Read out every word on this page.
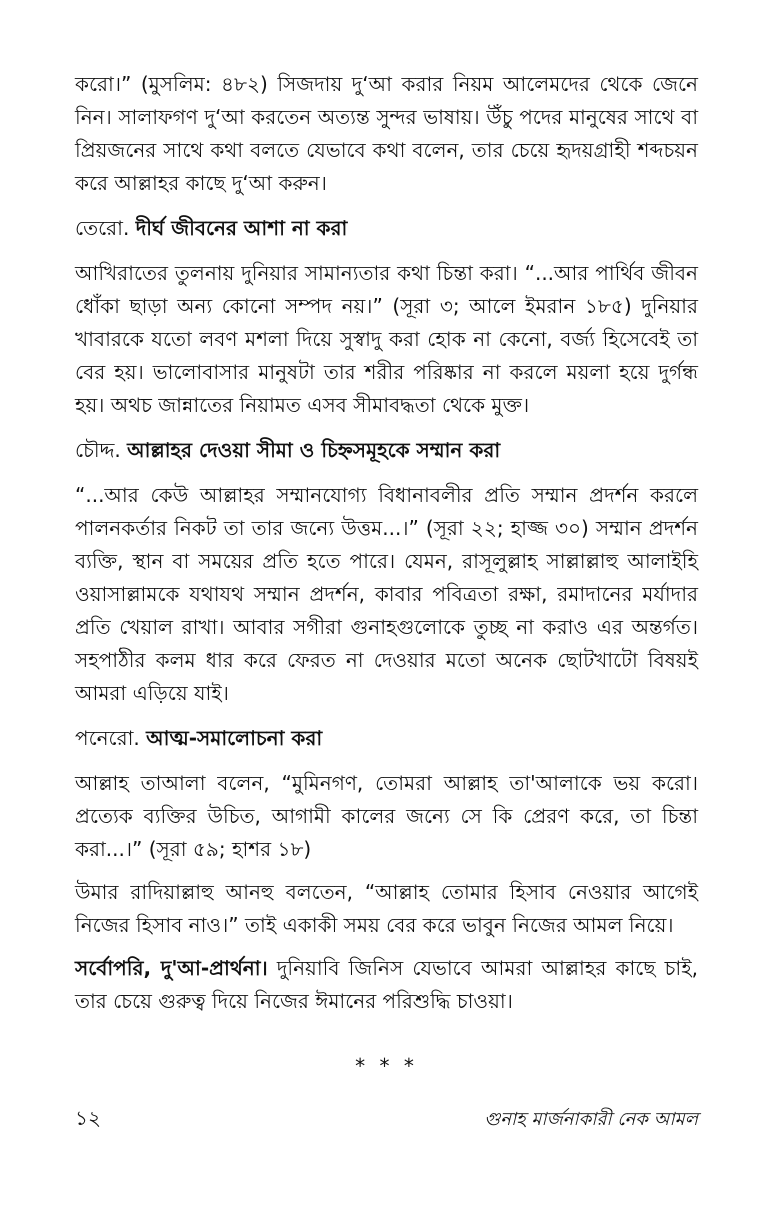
করো।” (মুসলিম: ৪৮২) সিজদায় দু‘আ করার নিয়ম আলেমদের থেকে জেনে নিন। সালাফগণ দু‘আ করতেন অত্যন্ত সুন্দর ভাষায়। উঁচু পদের মানুষের সাথে বা প্রিয়জনের সাথে কথা বলতে যেভাবে কথা বলেন, তার চেয়ে হৃদয়গ্রাহী শব্দচয়ন করে আল্লাহর কাছে দু‘আ করুন।

তেরো. দীর্ঘ জীবনের আশা না করা

আখিরাতের তুলনায় দুনিয়ার সামান্যতার কথা চিন্তা করা। “...আর পার্থিব জীবন ধোঁকা ছাড়া অন্য কোনো সম্পদ নয়।” (সূরা ৩; আলে ইমরান ১৮৫) দুনিয়ার খাবারকে যতো লবণ মশলা দিয়ে সুস্বাদু করা হোক না কেনো, বর্জ্য হিসেবেই তা বের হয়। ভালোবাসার মানুষটা তার শরীর পরিষ্কার না করলে ময়লা হয়ে দুর্গন্ধ হয়। অথচ জান্নাতের নিয়ামত এসব সীমাবদ্ধতা থেকে মুক্ত।

চৌদ্দ. আল্লাহর দেওয়া সীমা ও চিহ্নসমূহকে সম্মান করা

“...আর কেউ আল্লাহর সম্মানযোগ্য বিধানাবলীর প্রতি সম্মান প্রদর্শন করলে পালনকর্তার নিকট তা তার জন্যে উত্তম...।” (সূরা ২২; হাজ্জ ৩০) সম্মান প্রদর্শন ব্যক্তি, স্থান বা সময়ের প্রতি হতে পারে। যেমন, রাসূলুল্লাহ সাল্লাল্লাহু আলাইহি ওয়াসাল্লামকে যথাযথ সম্মান প্রদর্শন, কাবার পবিত্রতা রক্ষা, রমাদানের মর্যাদার প্রতি খেয়াল রাখা। আবার সগীরা গুনাহগুলোকে তুচ্ছ না করাও এর অন্তর্গত। সহপাঠীর কলম ধার করে ফেরত না দেওয়ার মতো অনেক ছোটখাটো বিষয়ই আমরা এড়িয়ে যাই।

পনেরো. আত্ম-সমালোচনা করা

আল্লাহ তাআলা বলেন, “মুমিনগণ, তোমরা আল্লাহ তা'আলাকে ভয় করো। প্রত্যেক ব্যক্তির উচিত, আগামী কালের জন্যে সে কি প্রেরণ করে, তা চিন্তা করা...।” (সূরা ৫৯; হাশর ১৮)

উমার রাদিয়াল্লাহু আনহু বলতেন, “আল্লাহ তোমার হিসাব নেওয়ার আগেই নিজের হিসাব নাও।” তাই একাকী সময় বের করে ভাবুন নিজের আমল নিয়ে।

সর্বোপরি, দু'আ-প্রার্থনা। দুনিয়াবি জিনিস যেভাবে আমরা আল্লাহর কাছে চাই, তার চেয়ে গুরুত্ব দিয়ে নিজের ঈমানের পরিশুদ্ধি চাওয়া।

* * *
১২	গুনাহ মার্জনাকারী নেক আমল
